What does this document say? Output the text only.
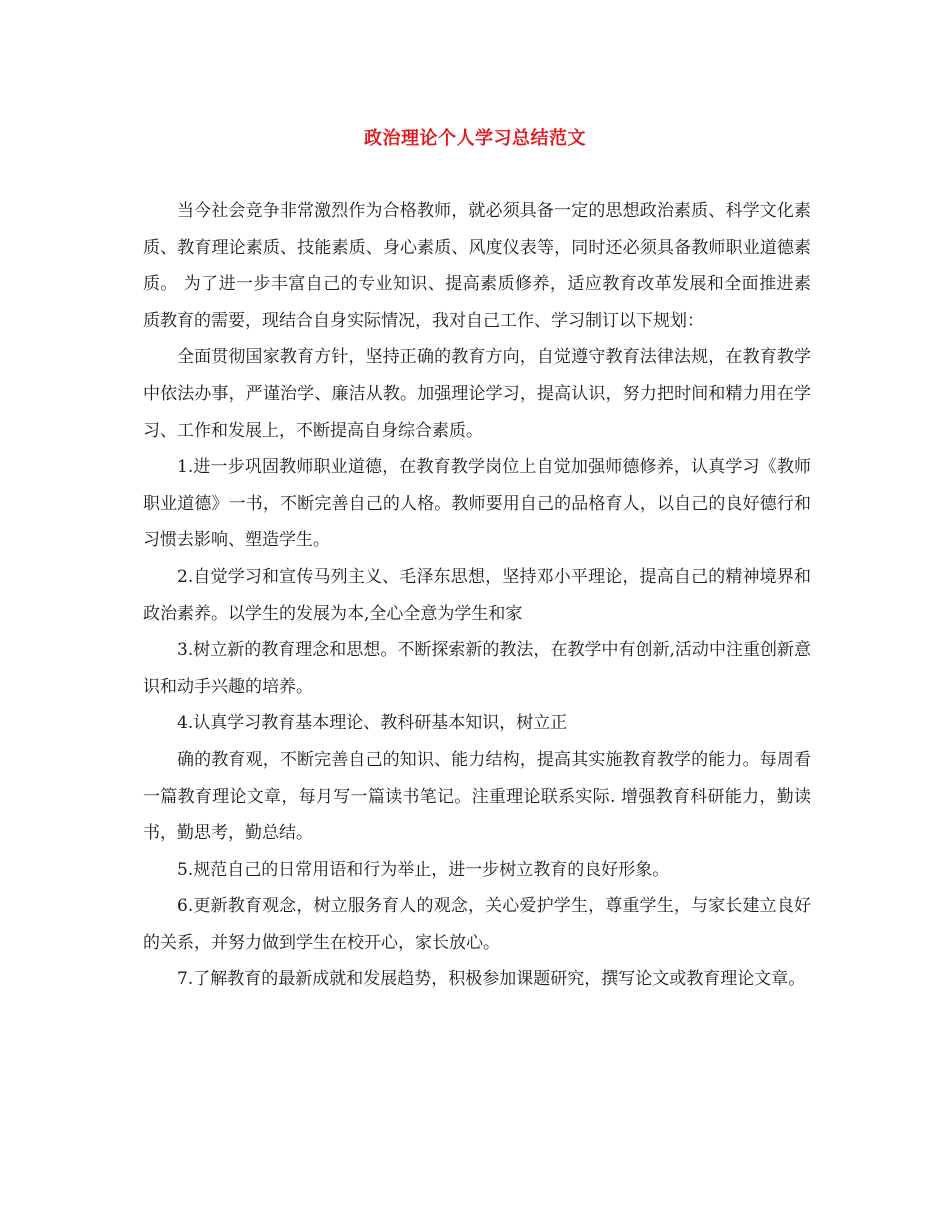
政治理论个人学习总结范文

当今社会竞争非常激烈作为合格教师，就必须具备一定的思想政治素质、科学文化素质、教育理论素质、技能素质、身心素质、风度仪表等，同时还必须具备教师职业道德素质。 为了进一步丰富自己的专业知识、提高素质修养，适应教育改革发展和全面推进素质教育的需要，现结合自身实际情况，我对自己工作、学习制订以下规划：

全面贯彻国家教育方针，坚持正确的教育方向，自觉遵守教育法律法规，在教育教学中依法办事，严谨治学、廉洁从教。加强理论学习，提高认识，努力把时间和精力用在学习、工作和发展上，不断提高自身综合素质。

1.进一步巩固教师职业道德，在教育教学岗位上自觉加强师德修养，认真学习《教师职业道德》一书，不断完善自己的人格。教师要用自己的品格育人，以自己的良好德行和习惯去影响、塑造学生。

2.自觉学习和宣传马列主义、毛泽东思想，坚持邓小平理论，提高自己的精神境界和政治素养。以学生的发展为本,全心全意为学生和家

3.树立新的教育理念和思想。不断探索新的教法，在教学中有创新,活动中注重创新意识和动手兴趣的培养。

4.认真学习教育基本理论、教科研基本知识，树立正

确的教育观，不断完善自己的知识、能力结构，提高其实施教育教学的能力。每周看一篇教育理论文章，每月写一篇读书笔记。注重理论联系实际. 增强教育科研能力，勤读书，勤思考，勤总结。

5.规范自己的日常用语和行为举止，进一步树立教育的良好形象。

6.更新教育观念，树立服务育人的观念，关心爱护学生，尊重学生，与家长建立良好的关系，并努力做到学生在校开心，家长放心。

7.了解教育的最新成就和发展趋势，积极参加课题研究，撰写论文或教育理论文章。
